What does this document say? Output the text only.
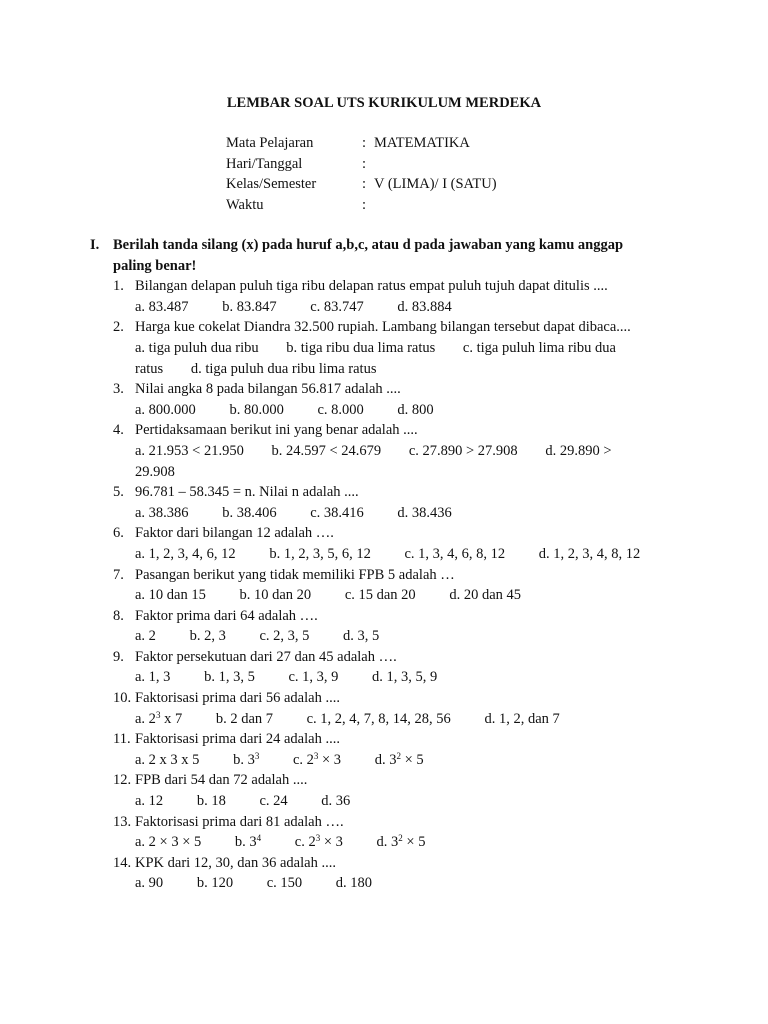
LEMBAR SOAL UTS KURIKULUM MERDEKA
Mata Pelajaran	: MATEMATIKA
Hari/Tanggal	:
Kelas/Semester	: V (LIMA)/ I (SATU)
Waktu	:
I. Berilah tanda silang (x) pada huruf a,b,c, atau d pada jawaban yang kamu anggap paling benar!
1. Bilangan delapan puluh tiga ribu delapan ratus empat puluh tujuh dapat ditulis ....
a. 83.487 b. 83.847 c. 83.747 d. 83.884
2. Harga kue cokelat Diandra 32.500 rupiah. Lambang bilangan tersebut dapat dibaca....
a. tiga puluh dua ribu b. tiga ribu dua lima ratus c. tiga puluh lima ribu dua ratus d. tiga puluh dua ribu lima ratus
3. Nilai angka 8 pada bilangan 56.817 adalah ....
a. 800.000 b. 80.000 c. 8.000 d. 800
4. Pertidaksamaan berikut ini yang benar adalah ....
a. 21.953 < 21.950 b. 24.597 < 24.679 c. 27.890 > 27.908 d. 29.890 > 29.908
5. 96.781 – 58.345 = n. Nilai n adalah ....
a. 38.386 b. 38.406 c. 38.416 d. 38.436
6. Faktor dari bilangan 12 adalah ….
a. 1, 2, 3, 4, 6, 12 b. 1, 2, 3, 5, 6, 12 c. 1, 3, 4, 6, 8, 12 d. 1, 2, 3, 4, 8, 12
7. Pasangan berikut yang tidak memiliki FPB 5 adalah …
a. 10 dan 15 b. 10 dan 20 c. 15 dan 20 d. 20 dan 45
8. Faktor prima dari 64 adalah ….
a. 2 b. 2, 3 c. 2, 3, 5 d. 3, 5
9. Faktor persekutuan dari 27 dan 45 adalah ….
a. 1, 3 b. 1, 3, 5 c. 1, 3, 9 d. 1, 3, 5, 9
10. Faktorisasi prima dari 56 adalah ....
a. $2^3$ x 7 b. 2 dan 7 c. 1, 2, 4, 7, 8, 14, 28, 56 d. 1, 2, dan 7
11. Faktorisasi prima dari 24 adalah ....
a. 2 x 3 x 5 b. $3^3$ c. $2^3 \times 3$ d. $3^2 \times 5$
12. FPB dari 54 dan 72 adalah ....
a. 12 b. 18 c. 24 d. 36
13. Faktorisasi prima dari 81 adalah ….
a. 2 × 3 × 5 b. $3^4$ c. $2^3 \times 3$ d. $3^2 \times 5$
14. KPK dari 12, 30, dan 36 adalah ....
a. 90 b. 120 c. 150 d. 180
